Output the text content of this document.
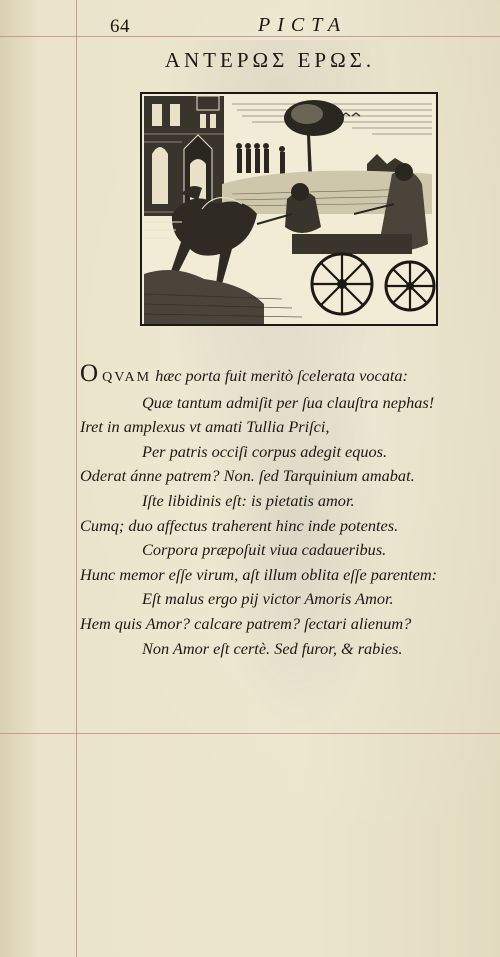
64	PICTA
ΑΝΤΕΡΩΣ ΕΡΩΣ.
O QVAM hæc porta fuit meritò ſcelerata vocata:
Quæ tantum admiſit per ſua clauſtra nephas!
Iret in amplexus vt amati Tullia Priſci,
Per patris occiſi corpus adegit equos.
Oderat ánne patrem? Non. ſed Tarquinium amabat.
Iſte libidinis eſt: is pietatis amor.
Cumq; duo affectus traherent hinc inde potentes.
Corpora præpoſuit viua cadaueribus.
Hunc memor eſſe virum, aſt illum oblita eſſe parentem:
Eſt malus ergo pij victor Amoris Amor.
Hem quis Amor? calcare patrem? ſectari alienum?
Non Amor eſt certè. Sed furor, & rabies.
